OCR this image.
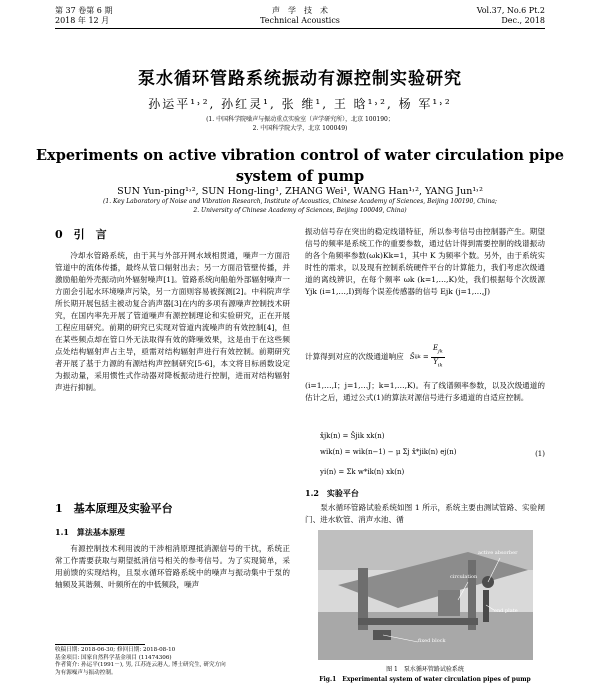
第 37 卷第 6 期
2018 年 12 月
声　学　技　术
Technical Acoustics
Vol.37, No.6 Pt.2
Dec., 2018
泵水循环管路系统振动有源控制实验研究
孙运平¹˒², 孙红灵¹, 张 维¹, 王 晗¹˒², 杨 军¹˒²
(1. 中国科学院噪声与振动重点实验室（声学研究所），北京 100190；
2. 中国科学院大学，北京 100049)
Experiments on active vibration control of water circulation pipe
system of pump
SUN Yun-ping¹˒², SUN Hong-ling¹, ZHANG Wei¹, WANG Han¹˒², YANG Jun¹˒²
(1. Key Laboratory of Noise and Vibration Research, Institute of Acoustics, Chinese Academy of Sciences, Beijing 100190, China;
2. University of Chinese Academy of Sciences, Beijing 100049, China)
0　引　言
冷却水管路系统，由于其与外部开网水域相贯通，噪声一方面沿管道中的流体传播，最终从管口辐射出去；另一方面沿管壁传播，并激励船舶外壳振动向外辐射噪声[1]。管路系统向船舶外部辐射噪声一方面会引起水环境噪声污染，另一方面则容易被探测[2]。中科院声学所长期开展包括主被动复合消声器[3]在内的多项有源噪声控制技术研究，在国内率先开展了管道噪声有源控制理论和实验研究，正在开展工程应用研究。前期的研究已实现对管道内流噪声的有效控制[4]，但在某些频点却在管口外无法取得有效的降噪效果，这是由于在这些频点处结构辐射声占主导，亟需对结构辐射声进行有效控制。前期研究者开展了基于力源的有源结构声控制研究[5-6]，本文将目标函数设定为振动量，采用惯性式作动器对降板振动进行控制，进而对结构辐射声进行抑制。
1　基本原理及实验平台
1.1　算法基本原理
有源控制技术利用波的干涉相消原理抵消源信号的干扰，系统正常工作需要获取与期望抵消信号相关的参考信号。为了实现简单，采用前馈的实现结构，且泵水循环管路系统中的噪声与振动集中于泵的轴频及其谐频、叶频所在的中低频段，噪声
收稿日期: 2018-06-30; 修回日期: 2018-08-10
基金项目: 国家自然科学基金项目 (11474306)
作者简介: 孙运平(1991－), 男, 江苏连云港人, 博士研究生, 研究方向
为有源噪声与振动控制。
振动信号存在突出的稳定线谱特征，所以参考信号由控制器产生。期望信号的频率是系统工作的重要参数，通过估计得到需要控制的线谱振动的各个角频率参数(ωk)Kk=1，其中 K 为频率个数。另外，由于系统实时性的需求，以及现有控制系统硬件平台的计算能力，我们考虑次级通道的离线辨识，在每个频率 ωk (k=1,…,K)处，我们根据每个次级源 Yjk (i=1,…,I)到每个误差传感器的信号 Ejk (j=1,…,J)
计算得到对应的次级通道响应 Ŝ ijk =
$E_{jk}$
$Y_{ik}$
(i=1,…,I；j=1,…J；k=1,…,K)。有了线谱频率参数，以及次级通道的估计之后，通过公式(1)的算法对源信号进行多通道的自适应控制。
x̂jk(n) = Ŝjik xk(n)
wik(n) = wik(n−1) − μ Σj x̂*jik(n) ej(n)
yi(n) = Σk w*ik(n) xk(n)
(1)
1.2　实验平台
泵水循环管路试验系统如图 1 所示，系统主要由测试管路、实验闸门、进水软管、消声水池、循
active absorber
circulation
end plate
fixed block
图 1　泵水循环管路试验系统
Fig.1　Experimental system of water circulation pipes of pump
